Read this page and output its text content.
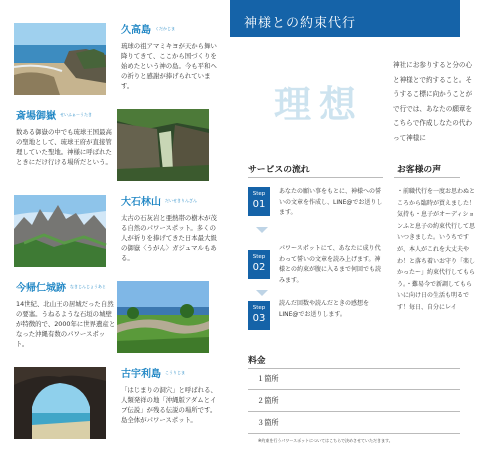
久高島 くだかじま
琉球の祖アマミキヨが天から舞い降りてきて、ここから国づくりを始めたという神の島。今も平和への祈りと感謝が捧げられています。
斎場御嶽 せいふぁーうたき
数ある御嶽の中でも琉球王国最高の聖地として、琉球王府が直接管理していた聖地。神様に呼ばれたときにだけ行ける場所だという。
大石林山 だいせきりんざん
太古の石灰岩と亜熱帯の樹木が茂る自然のパワースポット。多くの人が祈りを捧げてきた日本最大級の御嶽〈うがん〉ガジュマルもある。
今帰仁城跡 なきじんじょうあと
14世紀、北山王の居城だった自然の要塞。うねるような石垣の城壁が特徴的で、2000年に世界遺産となった沖縄有数のパワースポット。
古宇利島 こうりじま
「はじまりの洞穴」と呼ばれる、人類発祥の地「沖縄版アダムとイブ伝説」が残る伝説の場所です。島全体がパワースポット。
神様との約束代行
理想
神社にお参りすると分の心と神様とで約すること。そうするこ標に向かうことがで行では、あなたの願章をこちらで作成しなたの代わって神様に
サービスの流れ
Step
01
あなたの願い事をもとに、神様への誓いの文章を作成し、LINE@でお送りします。
Step
02
パワースポットにて、あなたに成り代わって誓いの文章を読み上げます。神様との約束が腹に入るまで何回でも読みます。
Step
03
読んだ回数や読んだときの感想をLINE@でお送りします。
お客様の声
・前職代行を一度お思わぬところから臨時が買えました！気持も・息子がオーディションふと息子の約束代行して思いつきました。いうちですが、本人がこれを大丈夫やわ！と落ち着いお守り「楽しかったー」約束代行してもらう。・難易今で新調してもらいに向け日の生活も明るです！毎日、自分にレイ
料金
１箇所
２箇所
３箇所
※約束を行うパワースポットについてはこちらで決めさせていただきます。
